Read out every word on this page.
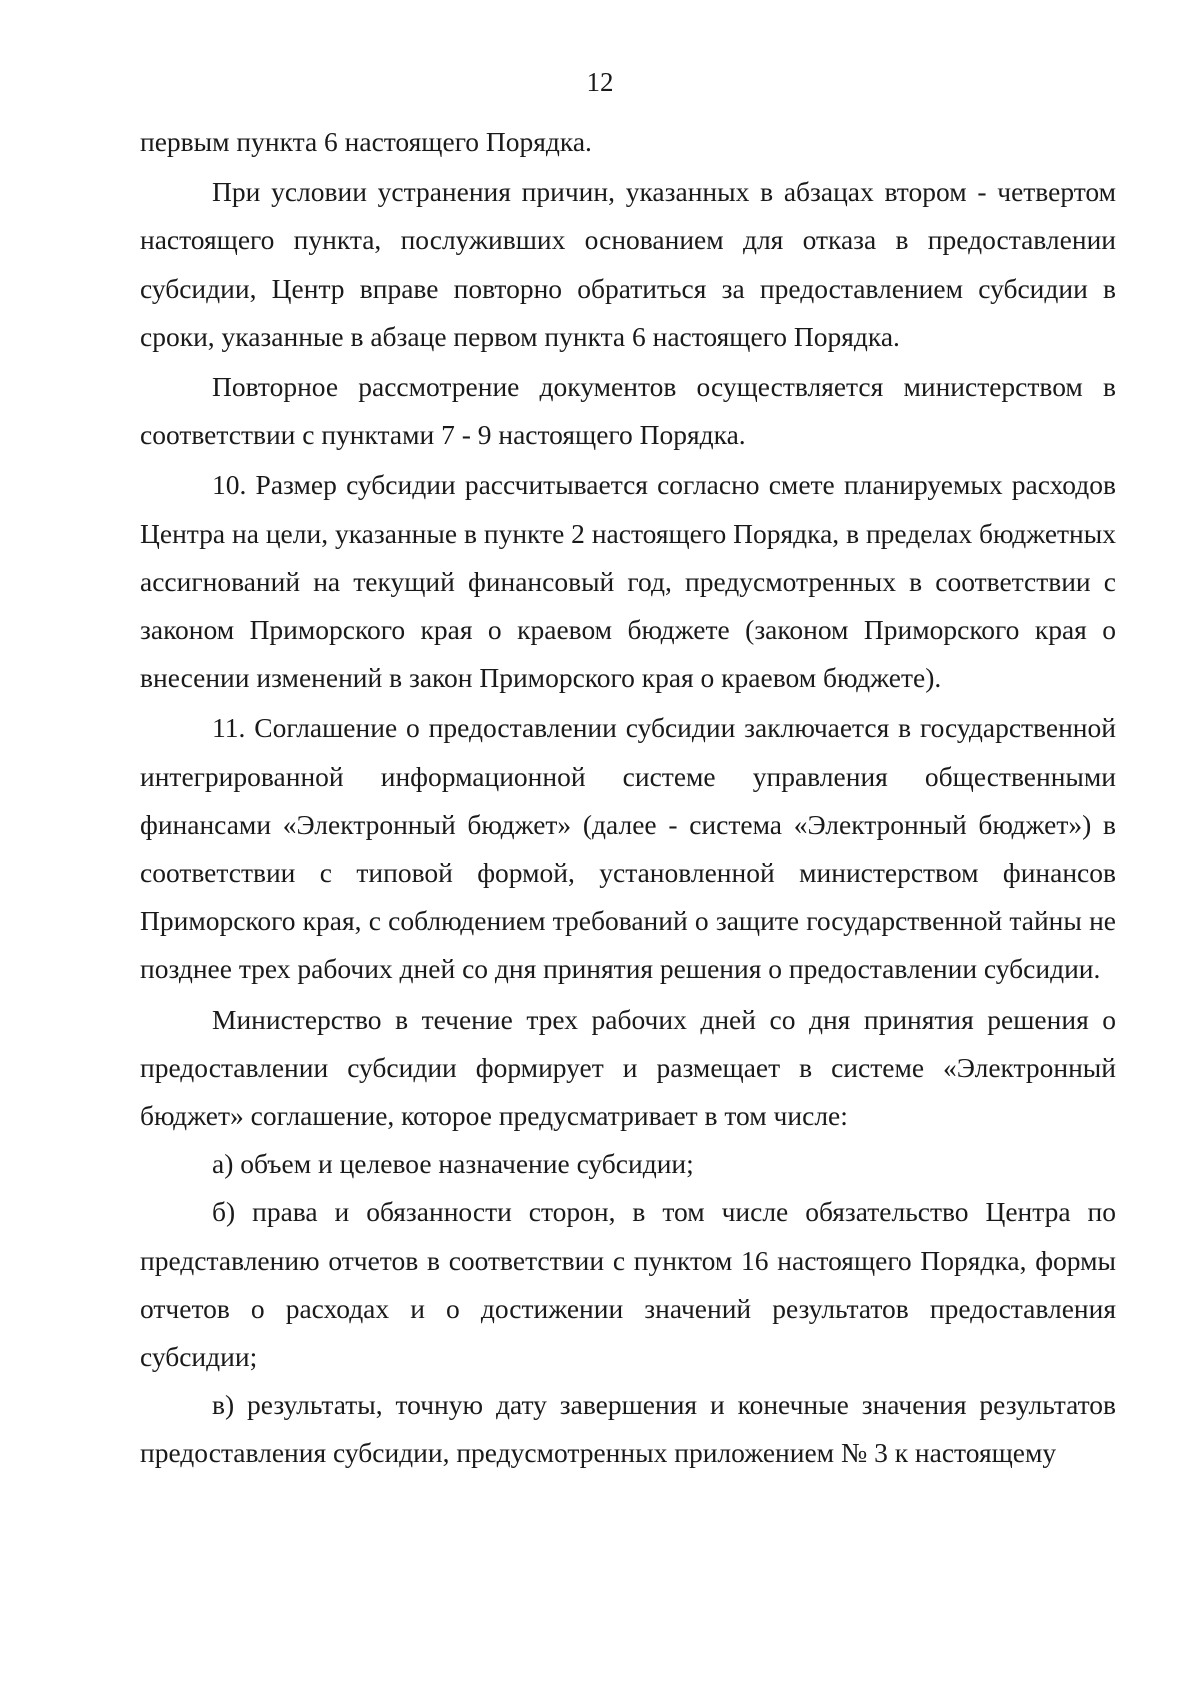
12

первым пункта 6 настоящего Порядка.

При условии устранения причин, указанных в абзацах втором - четвертом настоящего пункта, послуживших основанием для отказа в предоставлении субсидии, Центр вправе повторно обратиться за предоставлением субсидии в сроки, указанные в абзаце первом пункта 6 настоящего Порядка.

Повторное рассмотрение документов осуществляется министерством в соответствии с пунктами 7 - 9 настоящего Порядка.

10. Размер субсидии рассчитывается согласно смете планируемых расходов Центра на цели, указанные в пункте 2 настоящего Порядка, в пределах бюджетных ассигнований на текущий финансовый год, предусмотренных в соответствии с законом Приморского края о краевом бюджете (законом Приморского края о внесении изменений в закон Приморского края о краевом бюджете).

11. Соглашение о предоставлении субсидии заключается в государственной интегрированной информационной системе управления общественными финансами «Электронный бюджет» (далее - система «Электронный бюджет») в соответствии с типовой формой, установленной министерством финансов Приморского края, с соблюдением требований о защите государственной тайны не позднее трех рабочих дней со дня принятия решения о предоставлении субсидии.

Министерство в течение трех рабочих дней со дня принятия решения о предоставлении субсидии формирует и размещает в системе «Электронный бюджет» соглашение, которое предусматривает в том числе:

а) объем и целевое назначение субсидии;

б) права и обязанности сторон, в том числе обязательство Центра по представлению отчетов в соответствии с пунктом 16 настоящего Порядка, формы отчетов о расходах и о достижении значений результатов предоставления субсидии;

в) результаты, точную дату завершения и конечные значения результатов предоставления субсидии, предусмотренных приложением № 3 к настоящему
